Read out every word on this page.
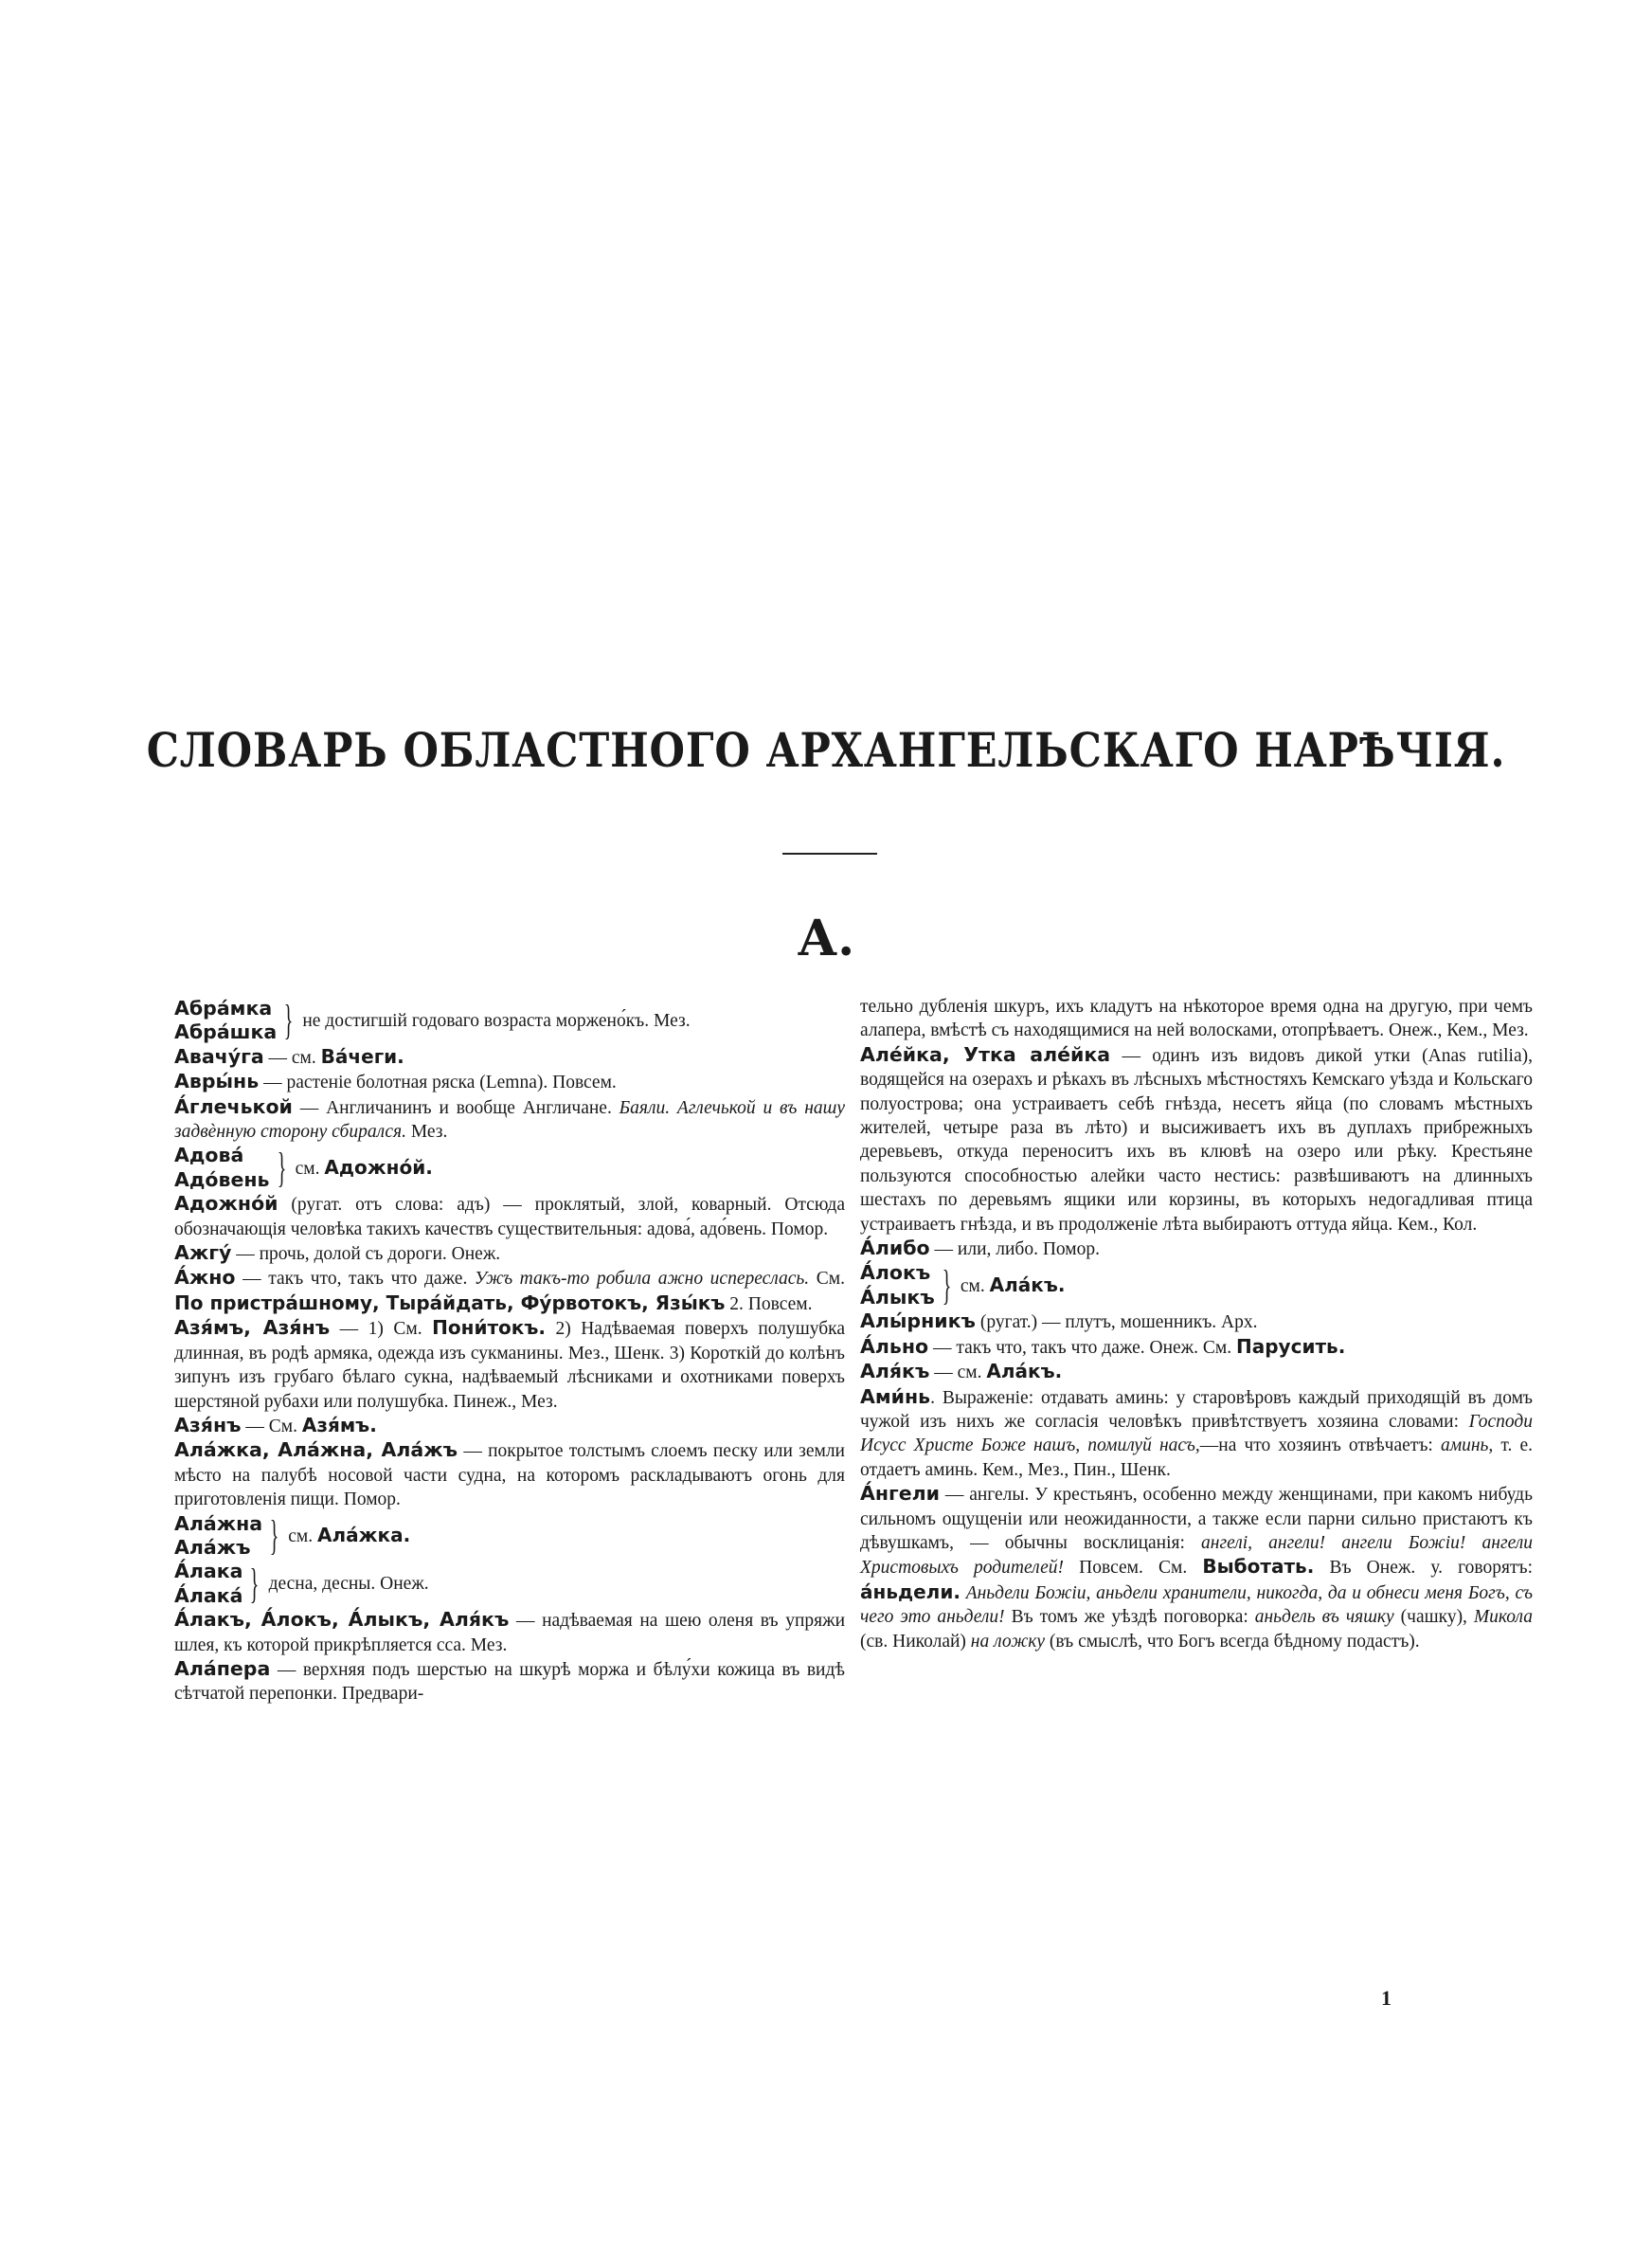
СЛОВАРЬ ОБЛАСТНОГО АРХАНГЕЛЬСКАГО НАРѢЧІЯ.
А.
Абра́мка
Абра́шка } не достигшій годоваго возраста моржено́къ. Мез.

Авачу́га — см. Ва́чеги.

Авры́нь — растеніе болотная ряска (Lemna). Повсем.

А́глечькой — Англичанинъ и вообще Англичане. Баяли. Аглечькой и въ нашу задвѐнную сторону сбирался. Мез.

Адова́
Адо́вень } см. Адожно́й.

Адожно́й (ругат. отъ слова: адъ) — проклятый, злой, коварный. Отсюда обозначающія человѣка такихъ качествъ существительныя: адова́, адо́вень. Помор.

Ажгу́ — прочь, долой съ дороги. Онеж.

А́жно — такъ что, такъ что даже. Ужъ такъ-то робила ажно испереслась. См. По пристра́шному, Тыра́йдать, Фу́рвотокъ, Язы́къ 2. Повсем.

Азя́мъ, Азя́нъ — 1) См. Пони́токъ. 2) Надѣваемая поверхъ полушубка длинная, въ родѣ армяка, одежда изъ сукманины. Мез., Шенк. 3) Короткій до колѣнъ зипунъ изъ грубаго бѣлаго сукна, надѣваемый лѣсниками и охотниками поверхъ шерстяной рубахи или полушубка. Пинеж., Мез.

Азя́нъ — См. Азя́мъ.

Ала́жка, Ала́жна, Ала́жъ — покрытое толстымъ слоемъ песку или земли мѣсто на палубѣ носовой части судна, на которомъ раскладываютъ огонь для приготовленія пищи. Помор.

Ала́жна
Ала́жъ } см. Ала́жка.
А́лака
А́лака́ } десна, десны. Онеж.

А́лакъ, А́локъ, А́лыкъ, Аля́къ — надѣваемая на шею оленя въ упряжи шлея, къ которой прикрѣпляется сса. Мез.

Ала́пера — верхняя подъ шерстью на шкурѣ моржа и бѣлу́хи кожица въ видѣ сѣтчатой перепонки. Предвари-

тельно дубленія шкуръ, ихъ кладутъ на нѣкоторое время одна на другую, при чемъ алапера, вмѣстѣ съ находящимися на ней волосками, отопрѣваетъ. Онеж., Кем., Мез.

Але́йка, Утка але́йка — одинъ изъ видовъ дикой утки (Anas rutilia), водящейся на озерахъ и рѣкахъ въ лѣсныхъ мѣстностяхъ Кемскаго уѣзда и Кольскаго полуострова; она устраиваетъ себѣ гнѣзда, несетъ яйца (по словамъ мѣстныхъ жителей, четыре раза въ лѣто) и высиживаетъ ихъ въ дуплахъ прибрежныхъ деревьевъ, откуда переноситъ ихъ въ клювѣ на озеро или рѣку. Крестьяне пользуются способностью алейки часто нестись: развѣшиваютъ на длинныхъ шестахъ по деревьямъ ящики или корзины, въ которыхъ недогадливая птица устраиваетъ гнѣзда, и въ продолженіе лѣта выбираютъ оттуда яйца. Кем., Кол.

А́либо — или, либо. Помор.

А́локъ
А́лыкъ } см. Ала́къ.

Алы́рникъ (ругат.) — плутъ, мошенникъ. Арх.

А́льно — такъ что, такъ что даже. Онеж. См. Парусить.

Аля́къ — см. Ала́къ.

Ами́нь. Выраженіе: отдавать аминь: у старовѣровъ каждый приходящій въ домъ чужой изъ нихъ же согласія человѣкъ привѣтствуетъ хозяина словами: Господи Исусс Христе Боже нашъ, помилуй насъ,—на что хозяинъ отвѣчаетъ: аминь, т. е. отдаетъ аминь. Кем., Мез., Пин., Шенк.

А́нгели — ангелы. У крестьянъ, особенно между женщинами, при какомъ нибудь сильномъ ощущеніи или неожиданности, а также если парни сильно пристаютъ къ дѣвушкамъ, — обычны восклицанія: ангелі, ангели! ангели Божіи! ангели Христовыхъ родителей! Повсем. См. Выботать. Въ Онеж. у. говорятъ: а́ньдели. Аньдели Божіи, аньдели хранители, никогда, да и обнеси меня Богъ, съ чего это аньдели! Въ томъ же уѣздѣ поговорка: аньдель въ чяшку (чашку), Микола (св. Николай) на ложку (въ смыслѣ, что Богъ всегда бѣдному подастъ).

1
